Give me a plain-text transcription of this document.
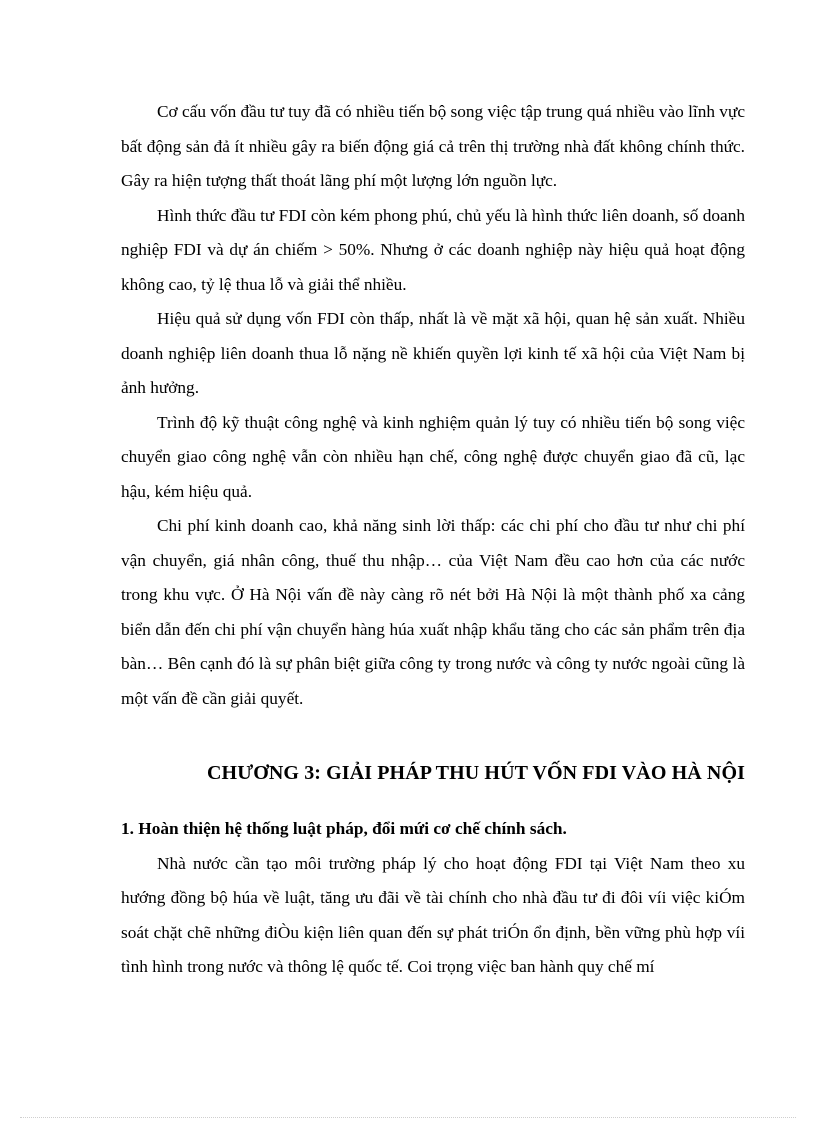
Cơ cấu vốn đầu tư tuy đã có nhiều tiến bộ song việc tập trung quá nhiều vào lĩnh vực bất động sản đả ít nhiều gây ra biến động giá cả trên thị trường nhà đất không chính thức. Gây ra hiện tượng thất thoát lãng phí một lượng lớn nguồn lực.

Hình thức đầu tư FDI còn kém phong phú, chủ yếu là hình thức liên doanh, số doanh nghiệp FDI và dự án chiếm > 50%. Nhưng ở các doanh nghiệp này hiệu quả hoạt động không cao, tỷ lệ thua lỗ và giải thể nhiều.

Hiệu quả sử dụng vốn FDI còn thấp, nhất là về mặt xã hội, quan hệ sản xuất. Nhiều doanh nghiệp liên doanh thua lỗ nặng nề khiến quyền lợi kinh tế xã hội của Việt Nam bị ảnh hưởng.

Trình độ kỹ thuật công nghệ và kinh nghiệm quản lý tuy có nhiều tiến bộ song việc chuyển giao công nghệ vẫn còn nhiều hạn chế, công nghệ được chuyển giao đã cũ, lạc hậu, kém hiệu quả.

Chi phí kinh doanh cao, khả năng sinh lời thấp: các chi phí cho đầu tư như chi phí vận chuyển, giá nhân công, thuế thu nhập… của Việt Nam đều cao hơn của các nước trong khu vực. Ở Hà Nội vấn đề này càng rõ nét bởi Hà Nội là một thành phố xa cảng biển dẫn đến chi phí vận chuyển hàng húa xuất nhập khẩu tăng cho các sản phẩm trên địa bàn… Bên cạnh đó là sự phân biệt giữa công ty trong nước và công ty nước ngoài cũng là một vấn đề cần giải quyết.

CHƯƠNG 3: GIẢI PHÁP THU HÚT VỐN FDI VÀO HÀ NỘI
1. Hoàn thiện hệ thống luật pháp, đổi mứi cơ chế chính sách.

Nhà nước cần tạo môi trường pháp lý cho hoạt động FDI tại Việt Nam theo xu hướng đồng bộ húa về luật, tăng ưu đãi về tài chính cho nhà đầu tư đi đôi víi việc kiÓm soát chặt chẽ những điÒu kiện liên quan đến sự phát triÓn ổn định, bền vững phù hợp víi tình hình trong nước và thông lệ quốc tế. Coi trọng việc ban hành quy chế mí
